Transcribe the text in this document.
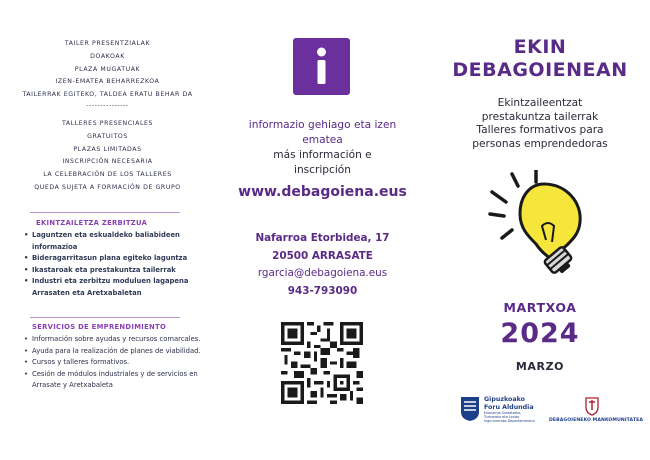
TAILER PRESENTZIALAK
DOAKOAK
PLAZA MUGATUAK
IZEN-EMATEA BEHARREZKOA
TAILERRAK EGITEKO, TALDEA ERATU BEHAR DA
---------------
TALLERES PRESENCIALES
GRATUITOS
PLAZAS LIMITADAS
INSCRIPCIÓN NECESARIA
LA CELEBRACIÓN DE LOS TALLERES
QUEDA SUJETA A FORMACIÓN DE GRUPO
EKINTZAILETZA ZERBITZUA
• Laguntzen eta eskualdeko baliabideen informazioa
• Bideragarritasun plana egiteko laguntza
• Ikastaroak eta prestakuntza tailerrak
• Industri eta zerbitzu moduluen lagapena Arrasaten eta Aretxabaletan
SERVICIOS DE EMPRENDIMIENTO
• Información sobre ayudas y recursos comarcales.
• Ayuda para la realización de planes de viabilidad.
• Cursos y talleres formativos.
• Cesión de módulos industriales y de servicios en Arrasate y Aretxabaleta
informazio gehiago eta izen
ematea
más información e
inscripción
www.debagoiena.eus
Nafarroa Etorbidea, 17
20500 ARRASATE
rgarcia@debagoiena.eus
943-793090
EKIN
DEBAGOIENEAN
Ekintzaileentzat
prestakuntza tailerrak
Talleres formativos para
personas emprendedoras
MARTXOA
2024
MARZO
Gipuzkoako
Foru Aldundia
Ekonomia Sustatzeko,
Turismoko eta Landa
Ingurunerako Departamentua	DEBAGOIENEKO MANKOMUNITATEA
